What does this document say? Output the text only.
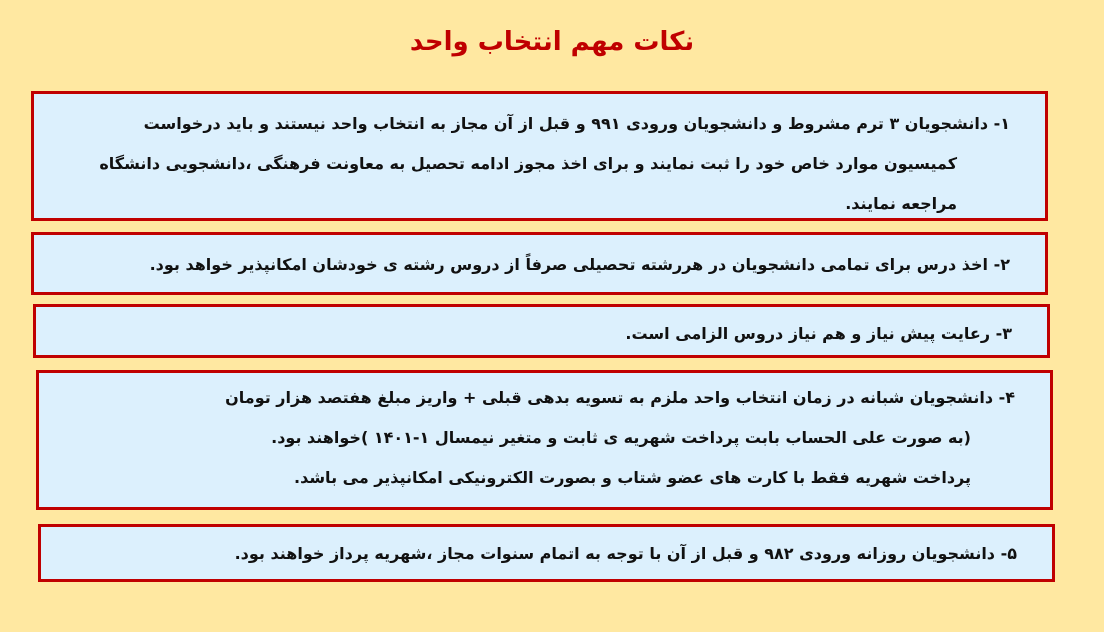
نکات مهم انتخاب واحد
۱- دانشجویان ۳ ترم مشروط و دانشجویان ورودی ۹۹۱ و قبل از آن مجاز به انتخاب واحد نیستند و باید درخواست
کمیسیون موارد خاص خود را ثبت نمایند و برای اخذ مجوز ادامه تحصیل به معاونت فرهنگی ،دانشجویی دانشگاه
مراجعه نمایند.
۲- اخذ درس برای تمامی دانشجویان در هررشته تحصیلی صرفاً از دروس رشته ی خودشان امکانپذیر خواهد بود.
۳- رعایت پیش نیاز و هم نیاز دروس الزامی است.
۴- دانشجویان شبانه در زمان انتخاب واحد ملزم به تسویه بدهی قبلی + واریز مبلغ هفتصد هزار تومان
(به صورت علی الحساب بابت پرداخت شهریه ی ثابت و متغیر نیمسال ۱-۱۴۰۱ )خواهند بود.
پرداخت شهریه فقط با کارت های عضو شتاب و بصورت الکترونیکی امکانپذیر می باشد.
۵- دانشجویان روزانه ورودی ۹۸۲ و قبل از آن با توجه به اتمام سنوات مجاز ،شهریه پرداز خواهند بود.
